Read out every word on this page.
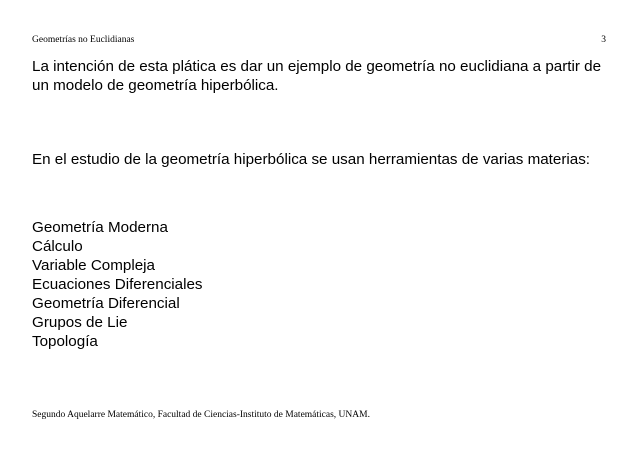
Geometrías no Euclidianas	3

La intención de esta plática es dar un ejemplo de geometría no euclidiana a partir de un modelo de geometría hiperbólica.

En el estudio de la geometría hiperbólica se usan herramientas de varias materias:

Geometría Moderna
Cálculo
Variable Compleja
Ecuaciones Diferenciales
Geometría Diferencial
Grupos de Lie
Topología
Segundo Aquelarre Matemático, Facultad de Ciencias-Instituto de Matemáticas, UNAM.
